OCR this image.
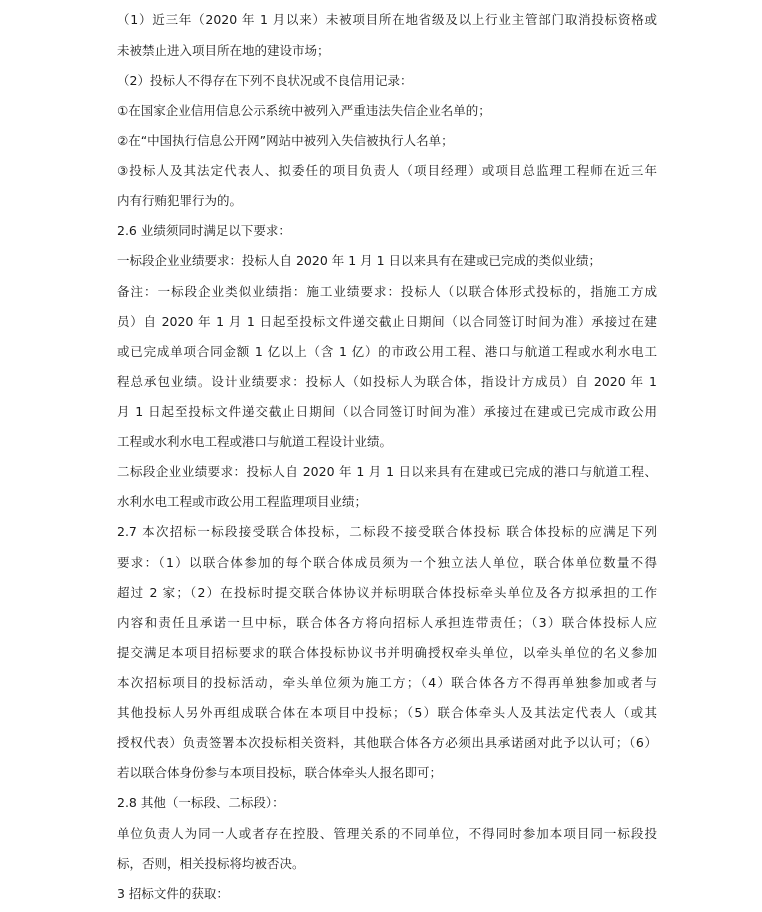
（1）近三年（2020 年 1 月以来）未被项目所在地省级及以上行业主管部门取消投标资格或
未被禁止进入项目所在地的建设市场；
（2）投标人不得存在下列不良状况或不良信用记录：
①在国家企业信用信息公示系统中被列入严重违法失信企业名单的；
②在“中国执行信息公开网”网站中被列入失信被执行人名单；
③投标人及其法定代表人、拟委任的项目负责人（项目经理）或项目总监理工程师在近三年
内有行贿犯罪行为的。
2.6 业绩须同时满足以下要求：
一标段企业业绩要求：投标人自 2020 年 1 月 1 日以来具有在建或已完成的类似业绩；
备注：一标段企业类似业绩指：施工业绩要求：投标人（以联合体形式投标的，指施工方成
员）自 2020 年 1 月 1 日起至投标文件递交截止日期间（以合同签订时间为准）承接过在建
或已完成单项合同金额 1 亿以上（含 1 亿）的市政公用工程、港口与航道工程或水利水电工
程总承包业绩。设计业绩要求：投标人（如投标人为联合体，指设计方成员）自 2020 年 1
月 1 日起至投标文件递交截止日期间（以合同签订时间为准）承接过在建或已完成市政公用
工程或水利水电工程或港口与航道工程设计业绩。
二标段企业业绩要求：投标人自 2020 年 1 月 1 日以来具有在建或已完成的港口与航道工程、
水利水电工程或市政公用工程监理项目业绩；
2.7 本次招标一标段接受联合体投标，二标段不接受联合体投标 联合体投标的应满足下列
要求：（1）以联合体参加的每个联合体成员须为一个独立法人单位，联合体单位数量不得
超过 2 家；（2）在投标时提交联合体协议并标明联合体投标牵头单位及各方拟承担的工作
内容和责任且承诺一旦中标，联合体各方将向招标人承担连带责任；（3）联合体投标人应
提交满足本项目招标要求的联合体投标协议书并明确授权牵头单位，以牵头单位的名义参加
本次招标项目的投标活动，牵头单位须为施工方；（4）联合体各方不得再单独参加或者与
其他投标人另外再组成联合体在本项目中投标；（5）联合体牵头人及其法定代表人（或其
授权代表）负责签署本次投标相关资料，其他联合体各方必须出具承诺函对此予以认可；（6）
若以联合体身份参与本项目投标，联合体牵头人报名即可；
2.8 其他（一标段、二标段）：
单位负责人为同一人或者存在控股、管理关系的不同单位，不得同时参加本项目同一标段投
标，否则，相关投标将均被否决。
3 招标文件的获取：
